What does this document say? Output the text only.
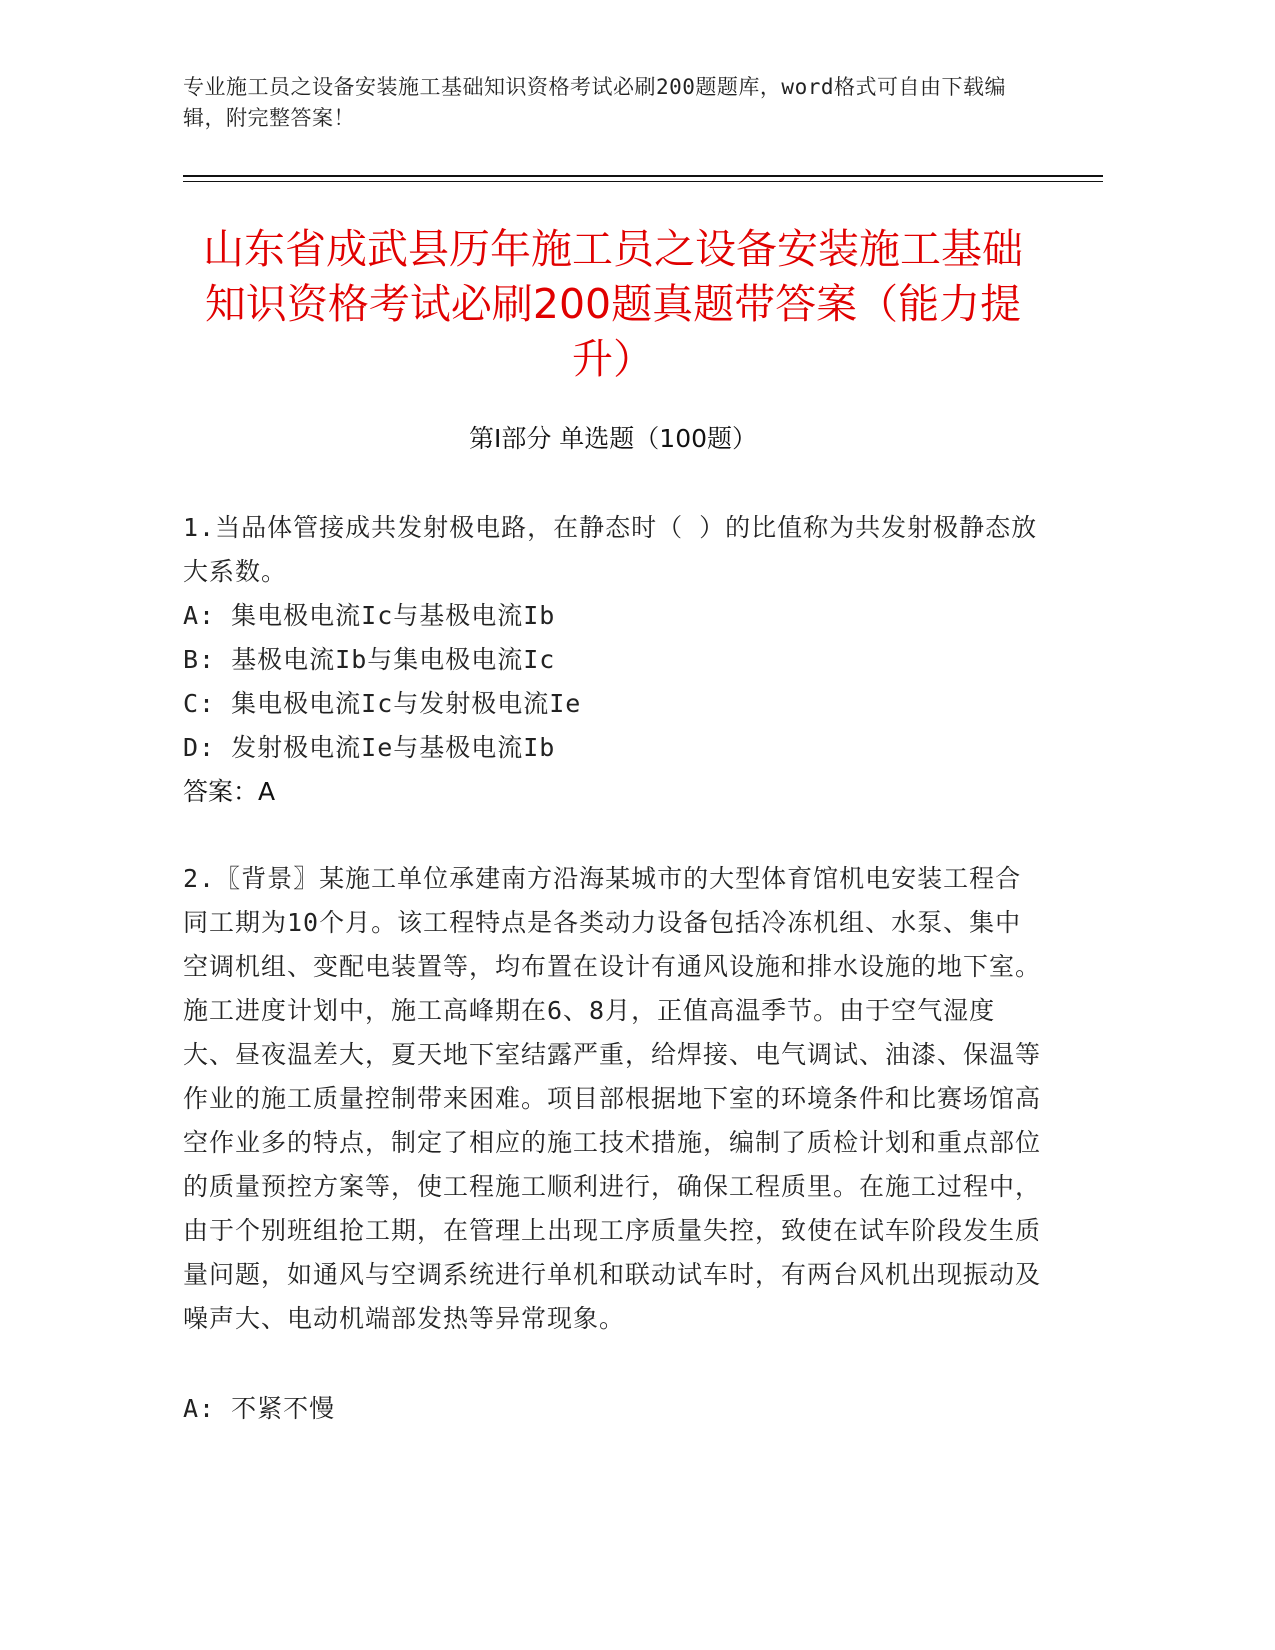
专业施工员之设备安装施工基础知识资格考试必刷200题题库，word格式可自由下载编辑，附完整答案！
山东省成武县历年施工员之设备安装施工基础知识资格考试必刷200题真题带答案（能力提升）
第Ⅰ部分 单选题（100题）
1.当品体管接成共发射极电路，在静态时（ ）的比值称为共发射极静态放大系数。
A: 集电极电流Ic与基极电流Ib
B: 基极电流Ib与集电极电流Ic
C: 集电极电流Ic与发射极电流Ie
D: 发射极电流Ie与基极电流Ib
答案：A
2.〖背景〗某施工单位承建南方沿海某城市的大型体育馆机电安装工程合同工期为10个月。该工程特点是各类动力设备包括冷冻机组、水泵、集中空调机组、变配电装置等，均布置在设计有通风设施和排水设施的地下室。施工进度计划中，施工高峰期在6、8月，正值高温季节。由于空气湿度大、昼夜温差大，夏天地下室结露严重，给焊接、电气调试、油漆、保温等作业的施工质量控制带来困难。项目部根据地下室的环境条件和比赛场馆高空作业多的特点，制定了相应的施工技术措施，编制了质检计划和重点部位的质量预控方案等，使工程施工顺利进行，确保工程质里。在施工过程中，由于个别班组抢工期，在管理上出现工序质量失控，致使在试车阶段发生质量问题，如通风与空调系统进行单机和联动试车时，有两台风机出现振动及噪声大、电动机端部发热等异常现象。
A: 不紧不慢
